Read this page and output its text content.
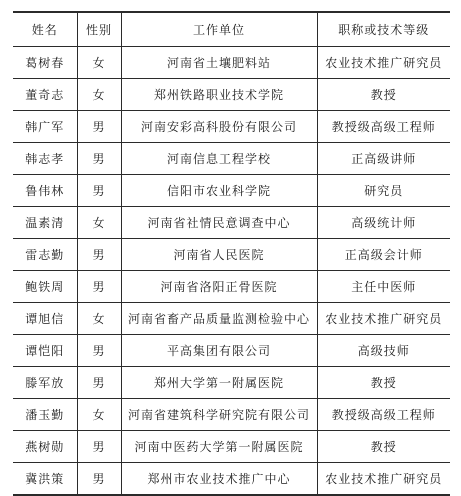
姓名	性别	工作单位	职称或技术等级
葛树春	女	河南省土壤肥料站	农业技术推广研究员
董奇志	女	郑州铁路职业技术学院	教授
韩广军	男	河南安彩高科股份有限公司	教授级高级工程师
韩志孝	男	河南信息工程学校	正高级讲师
鲁伟林	男	信阳市农业科学院	研究员
温素清	女	河南省社情民意调查中心	高级统计师
雷志勤	男	河南省人民医院	正高级会计师
鲍铁周	男	河南省洛阳正骨医院	主任中医师
谭旭信	女	河南省畜产品质量监测检验中心	农业技术推广研究员
谭恺阳	男	平高集团有限公司	高级技师
滕军放	男	郑州大学第一附属医院	教授
潘玉勤	女	河南省建筑科学研究院有限公司	教授级高级工程师
燕树勋	男	河南中医药大学第一附属医院	教授
冀洪策	男	郑州市农业技术推广中心	农业技术推广研究员
